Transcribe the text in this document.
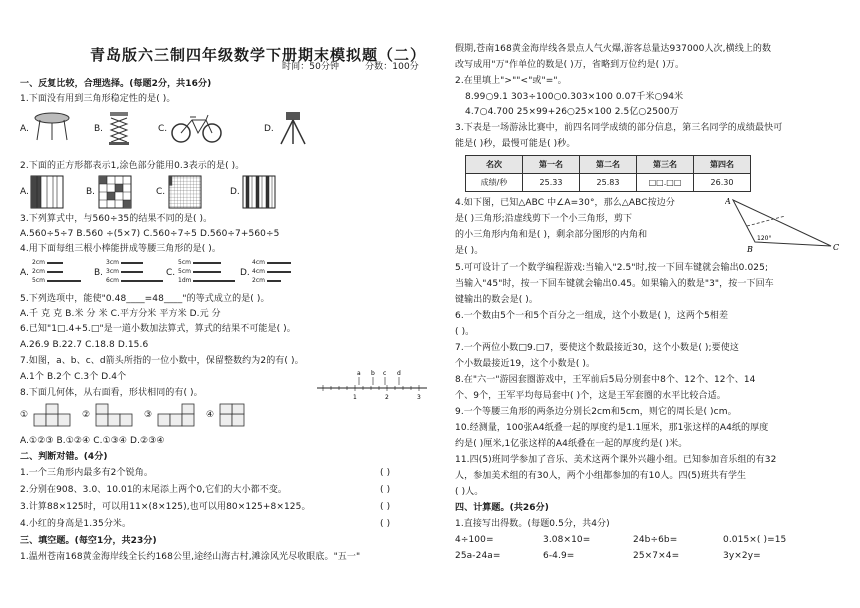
青岛版六三制四年级数学下册期末模拟题（二）
时间：50分钟	分数：100分
一、反复比较，合理选择。(每题2分，共16分)
1.下面没有用到三角形稳定性的是( )。
A.	B.	C.	D.
2.下面的正方形都表示1,涂色部分能用0.3表示的是( )。
A.	B.	C.	D.
3.下列算式中，与560÷35的结果不同的是( )。
A.560÷5÷7 B.560 ÷(5×7) C.560÷7÷5 D.560÷7+560÷5
4.用下面每组三根小棒能拼成等腰三角形的是( )。
A.
2cm
2cm
5cm
B.
3cm
3cm
6cm
C.
5cm
5cm
1dm
D.
4cm
4cm
2cm
5.下列选项中，能使"0.48____=48____"的等式成立的是( )。
A.千 克 克 B.米 分 米 C.平方分米 平方米 D.元 分
6.已知"1□.4+5.□"是一道小数加法算式，算式的结果不可能是( )。
A.26.9 B.22.7 C.18.8 D.15.6
7.如图，a、b、c、d箭头所指的一位小数中，保留整数约为2的有( )。
A.1个 B.2个 C.3个 D.4个	a b c d
1	2	3
8.下面几何体，从右面看，形状相同的有( )。
①	②	③	④
A.①②③ B.①②④ C.①③④ D.②③④
二、判断对错。(4分)
1.一个三角形内最多有2个锐角。	( )
2.分别在908、3.0、10.01的末尾添上两个0,它们的大小都不变。	( )
3.计算88×125时，可以用11×(8×125),也可以用80×125+8×125。	( )
4.小红的身高是1.35分米。	( )
三、填空题。(每空1分，共23分)
1.温州苍南168黄金海岸线全长约168公里,途经山海古村,滩涂风光尽收眼底。"五一"
假期,苍南168黄金海岸线各景点人气火爆,游客总量达937000人次,横线上的数
改写成用"万"作单位的数是( )万，省略到万位约是( )万。
2.在里填上">""<"或"="。
8.99○9.1 303÷100○0.303×100 0.07千米○94米
4.7○4.700 25×99+26○25×100 2.5亿○2500万
3.下表是一场游泳比赛中，前四名同学成绩的部分信息，第三名同学的成绩最快可
能是( )秒，最慢可能是( )秒。
名次	第一名	第二名	第三名	第四名
成绩/秒	25.33	25.83	□□.□□	26.30
4.如下图，已知△ABC 中∠A=30°，那么△ABC按边分
是( )三角形;沿虚线剪下一个小三角形，剪下
的小三角形内角和是( )，剩余部分图形的内角和
是( )。
A
B	C
120°
5.可可设计了一个数学编程游戏:当输入"2.5"时,按一下回车键就会输出0.025;
当输入"45"时，按一下回车键就会输出0.45。如果输入的数是"3"，按一下回车
键输出的数会是( )。
6.一个数由5个一和5个百分之一组成，这个小数是( )，这两个5相差
( )。
7.一个两位小数□9.□7，要使这个数最接近30，这个小数是( );要使这
个小数最接近19，这个小数是( )。
8.在"六一"游园套圈游戏中，王军前后5局分别套中8个、12个、12个、14
个、9个，王军平均每局套中( )个，这是王军套圈的水平比较合适。
9.一个等腰三角形的两条边分别长2cm和5cm，则它的周长是( )cm。
10.经测量，100张A4纸叠一起的厚度约是1.1厘米，那1张这样的A4纸的厚度
约是( )厘米,1亿张这样的A4纸叠在一起的厚度约是( )米。
11.四(5)班同学参加了音乐、美术这两个课外兴趣小组。已知参加音乐组的有32
人，参加美术组的有30人，两个小组都参加的有10人。四(5)班共有学生
( )人。
四、计算题。(共26分)
1.直接写出得数。(每题0.5分，共4分)
4÷100=	3.08×10=	24b÷6b=	0.015×( )=15
25a-24a=	6-4.9=	25×7×4=	3y×2y=
